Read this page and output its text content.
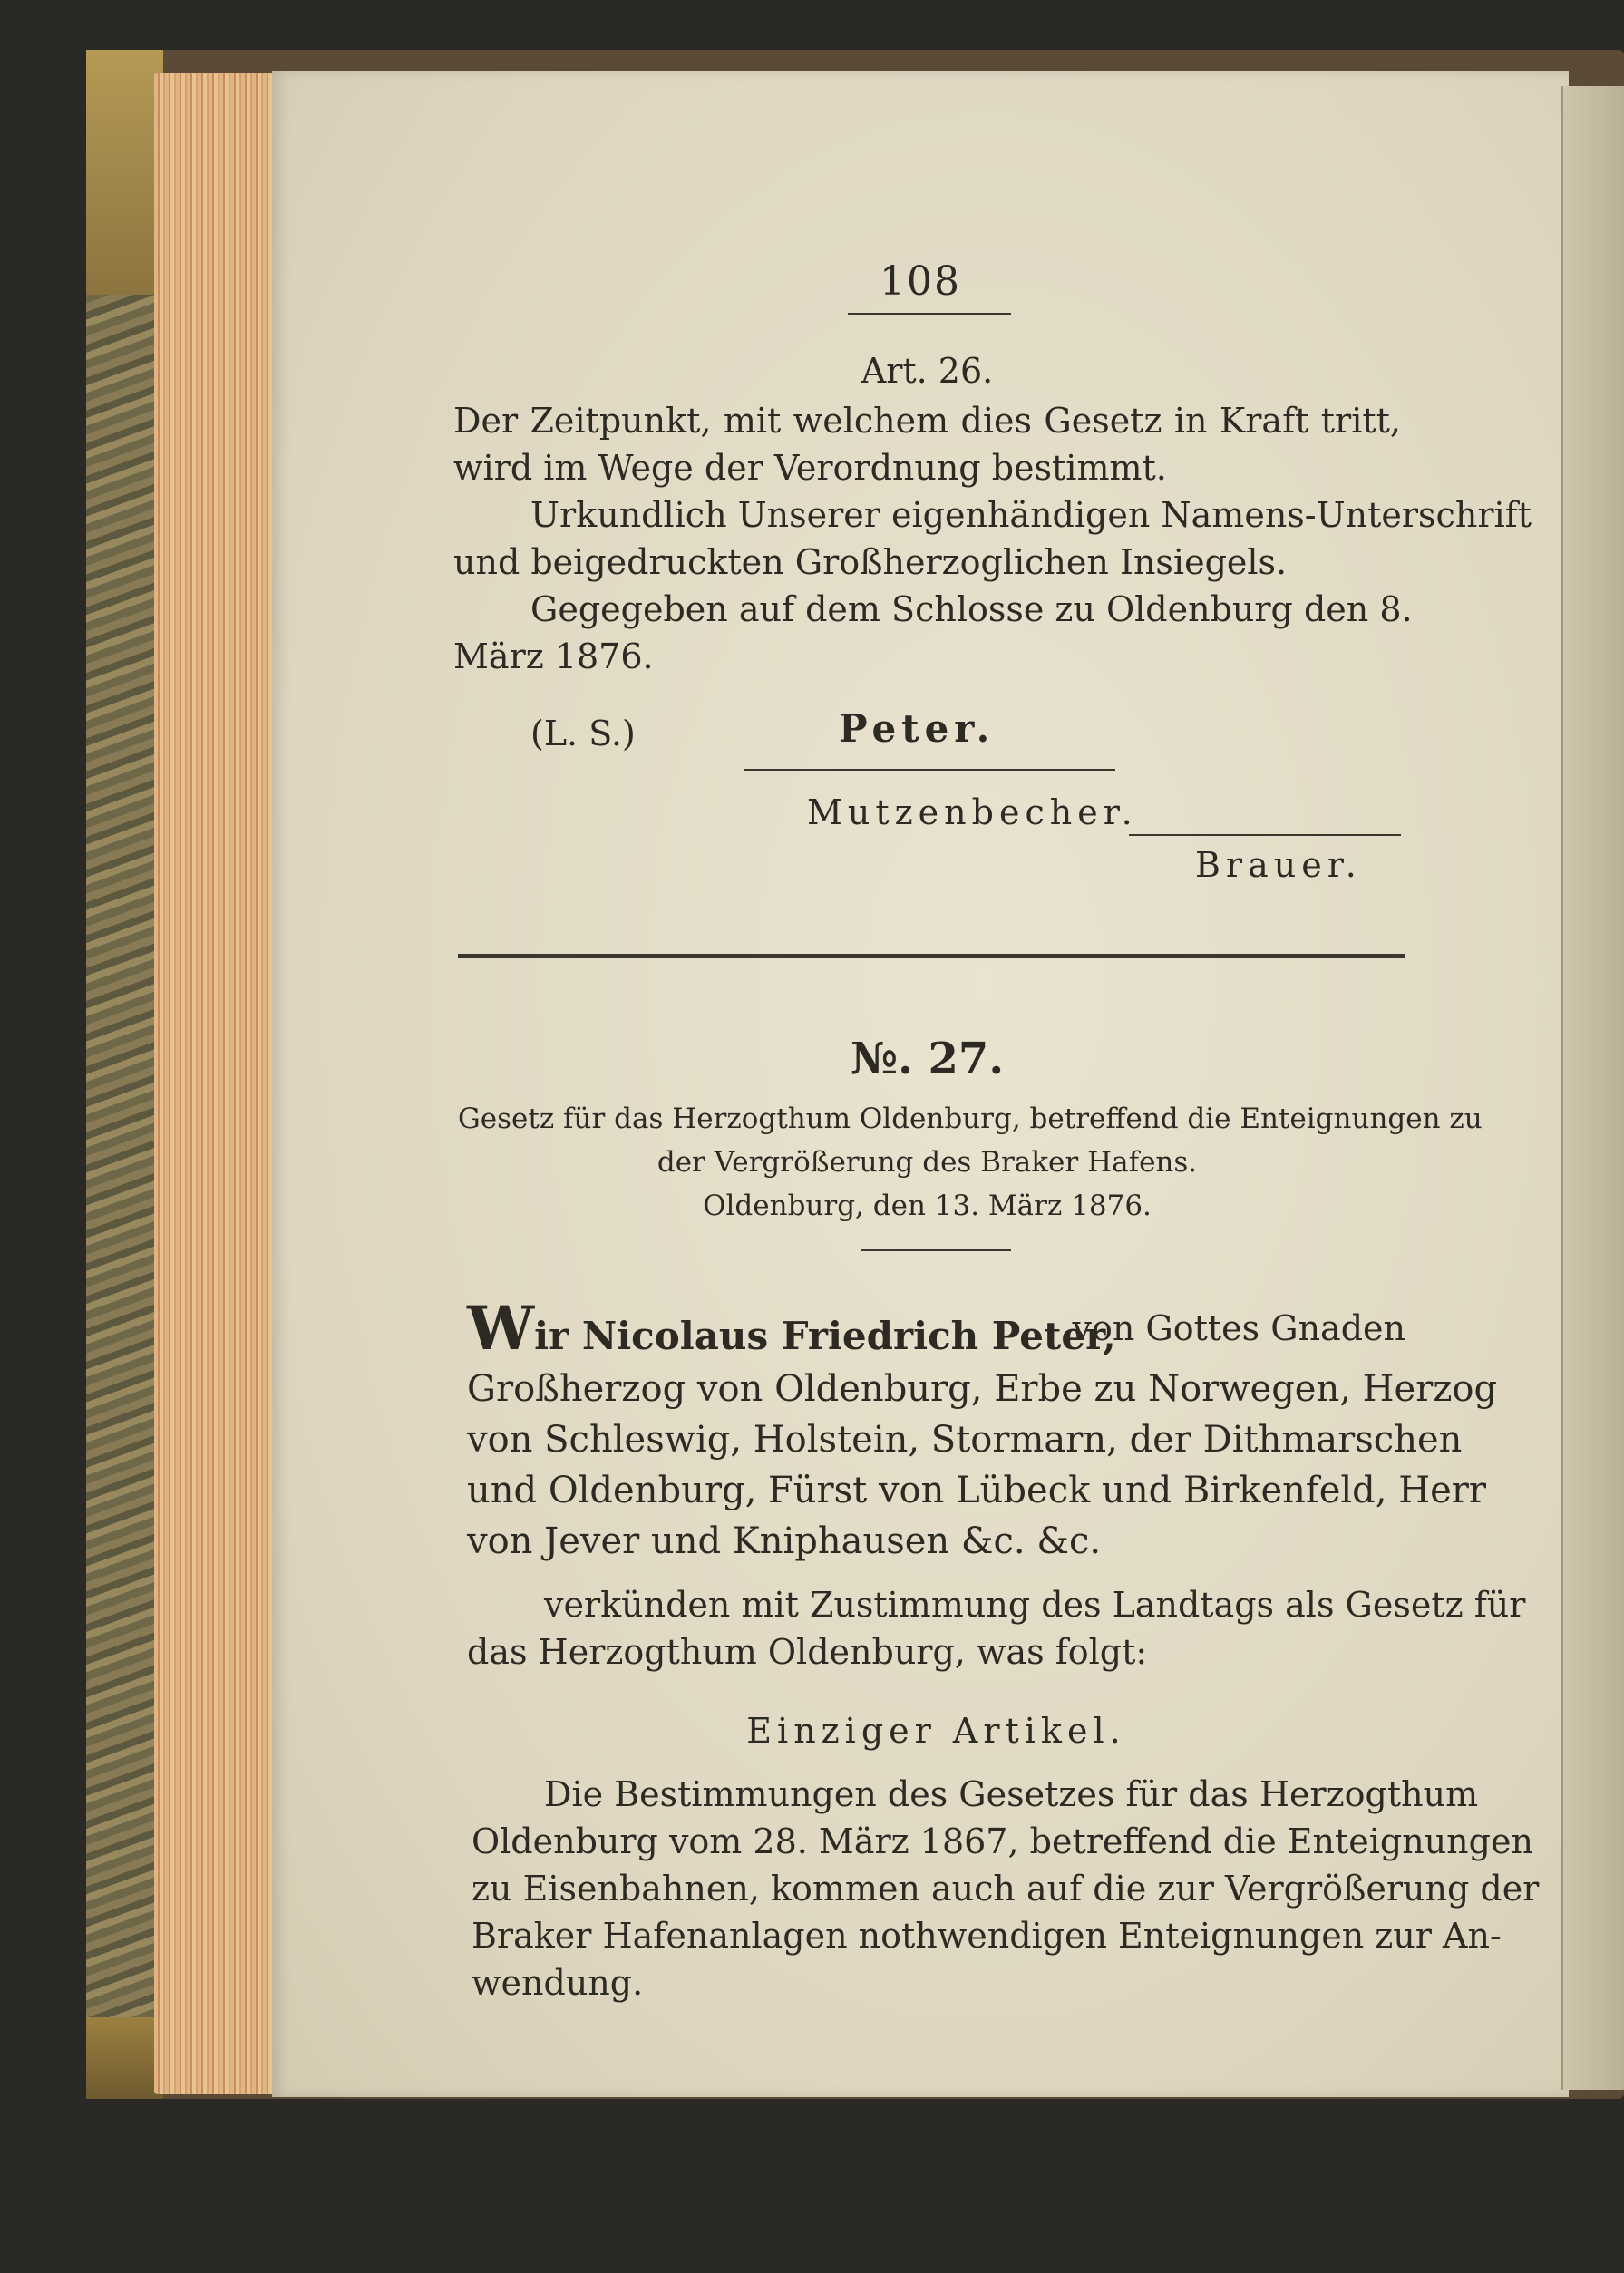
108
Art. 26.
Der Zeitpunkt, mit welchem dies Gesetz in Kraft tritt,
wird im Wege der Verordnung bestimmt.
Urkundlich Unserer eigenhändigen Namens-Unterschrift
und beigedruckten Großherzoglichen Insiegels.
Gegegeben auf dem Schlosse zu Oldenburg den 8.
März 1876.
(L. S.)	Peter.
Mutzenbecher.
Brauer.
№. 27.
Gesetz für das Herzogthum Oldenburg, betreffend die Enteignungen zu
der Vergrößerung des Braker Hafens.
Oldenburg, den 13. März 1876.
Wir Nicolaus Friedrich Peter,
von Gottes Gnaden
Großherzog von Oldenburg, Erbe zu Norwegen, Herzog
von Schleswig, Holstein, Stormarn, der Dithmarschen
und Oldenburg, Fürst von Lübeck und Birkenfeld, Herr
von Jever und Kniphausen &c. &c.
verkünden mit Zustimmung des Landtags als Gesetz für
das Herzogthum Oldenburg, was folgt:
Einziger Artikel.
Die Bestimmungen des Gesetzes für das Herzogthum
Oldenburg vom 28. März 1867, betreffend die Enteignungen
zu Eisenbahnen, kommen auch auf die zur Vergrößerung der
Braker Hafenanlagen nothwendigen Enteignungen zur An-
wendung.
